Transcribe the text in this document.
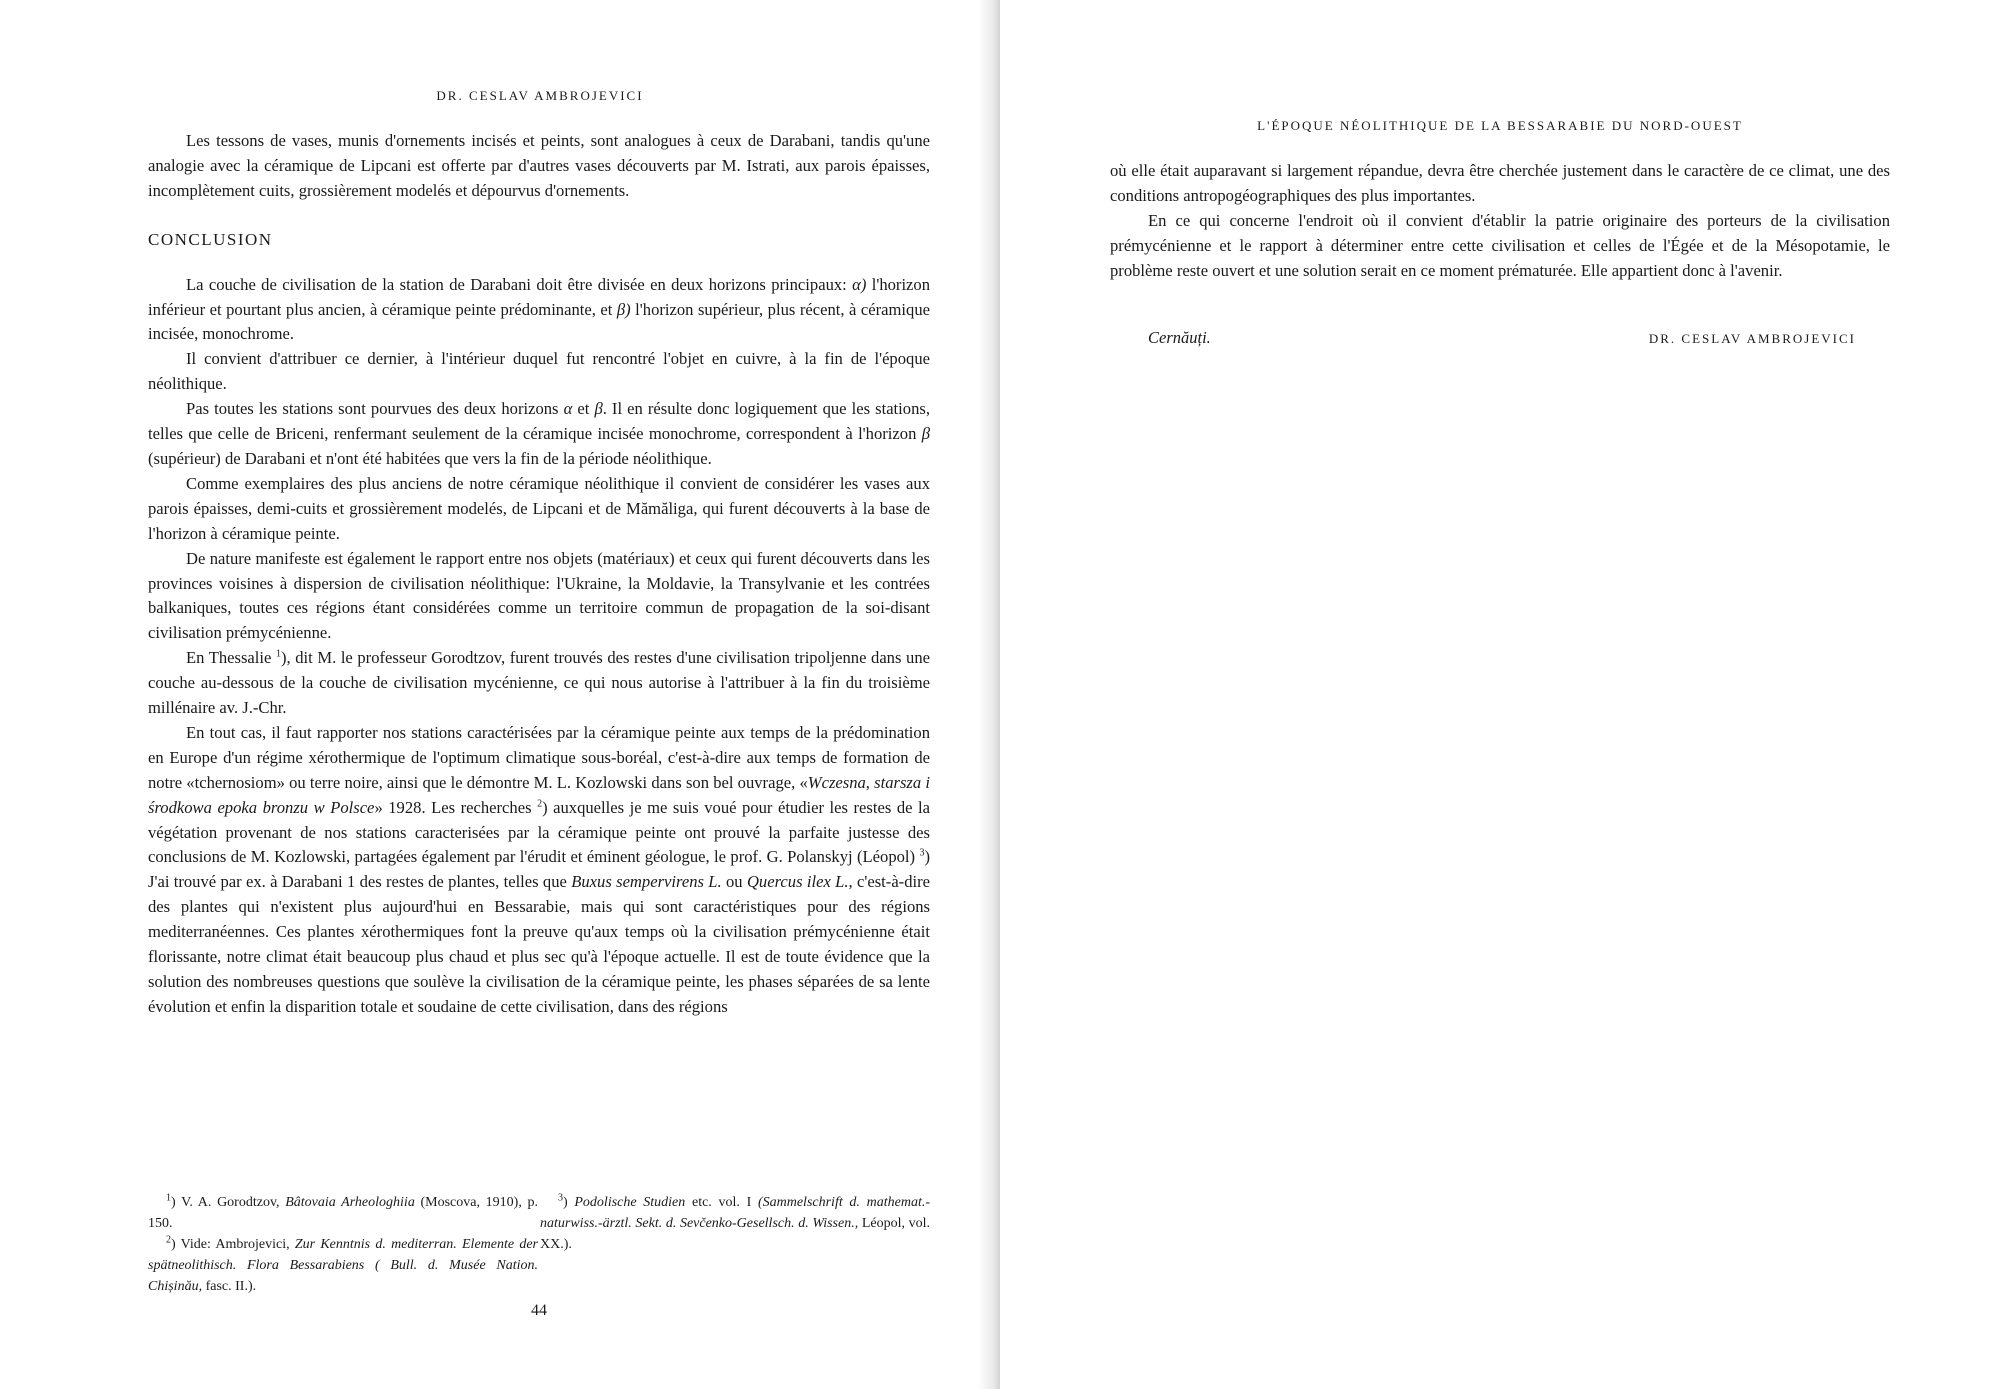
DR. CESLAV AMBROJEVICI

Les tessons de vases, munis d'ornements incisés et peints, sont analogues à ceux de Darabani, tandis qu'une analogie avec la céramique de Lipcani est offerte par d'autres vases découverts par M. Istrati, aux parois épaisses, incomplètement cuits, grossièrement modelés et dépourvus d'ornements.

CONCLUSION

La couche de civilisation de la station de Darabani doit être divisée en deux horizons principaux: α) l'horizon inférieur et pourtant plus ancien, à céramique peinte prédominante, et β) l'horizon supérieur, plus récent, à céramique incisée, monochrome.

Il convient d'attribuer ce dernier, à l'intérieur duquel fut rencontré l'objet en cuivre, à la fin de l'époque néolithique.

Pas toutes les stations sont pourvues des deux horizons α et β. Il en résulte donc logiquement que les stations, telles que celle de Briceni, renfermant seulement de la céramique incisée monochrome, correspondent à l'horizon β (supérieur) de Darabani et n'ont été habitées que vers la fin de la période néolithique.

Comme exemplaires des plus anciens de notre céramique néolithique il convient de considérer les vases aux parois épaisses, demi-cuits et grossièrement modelés, de Lipcani et de Mămăliga, qui furent découverts à la base de l'horizon à céramique peinte.

De nature manifeste est également le rapport entre nos objets (matériaux) et ceux qui furent découverts dans les provinces voisines à dispersion de civilisation néolithique: l'Ukraine, la Moldavie, la Transylvanie et les contrées balkaniques, toutes ces régions étant considérées comme un territoire commun de propagation de la soi-disant civilisation prémycénienne.

En Thessalie $^1$), dit M. le professeur Gorodtzov, furent trouvés des restes d'une civilisation tripoljenne dans une couche au-dessous de la couche de civilisation mycénienne, ce qui nous autorise à l'attribuer à la fin du troisième millénaire av. J.-Chr.

En tout cas, il faut rapporter nos stations caractérisées par la céramique peinte aux temps de la prédomination en Europe d'un régime xérothermique de l'optimum climatique sous-boréal, c'est-à-dire aux temps de formation de notre «tchernosiom» ou terre noire, ainsi que le démontre M. L. Kozlowski dans son bel ouvrage, «Wczesna, starsza i środkowa epoka bronzu w Polsce» 1928. Les recherches $^2$) auxquelles je me suis voué pour étudier les restes de la végétation provenant de nos stations caracterisées par la céramique peinte ont prouvé la parfaite justesse des conclusions de M. Kozlowski, partagées également par l'érudit et éminent géologue, le prof. G. Polanskyj (Léopol) $^3$) J'ai trouvé par ex. à Darabani 1 des restes de plantes, telles que Buxus sempervirens L. ou Quercus ilex L., c'est-à-dire des plantes qui n'existent plus aujourd'hui en Bessarabie, mais qui sont caractéristiques pour des régions mediterranéennes. Ces plantes xérothermiques font la preuve qu'aux temps où la civilisation prémycénienne était florissante, notre climat était beaucoup plus chaud et plus sec qu'à l'époque actuelle. Il est de toute évidence que la solution des nombreuses questions que soulève la civilisation de la céramique peinte, les phases séparées de sa lente évolution et enfin la disparition totale et soudaine de cette civilisation, dans des régions

$^1$) V. A. Gorodtzov, Bâtovaia Arheologhiia (Moscova, 1910), p. 150.

$^2$) Vide: Ambrojevici, Zur Kenntnis d. mediterran. Elemente der spätneolithisch. Flora Bessarabiens ( Bull. d. Musée Nation. Chișinău, fasc. II.).

$^3$) Podolische Studien etc. vol. I (Sammelschrift d. mathemat.-naturwiss.-ärztl. Sekt. d. Sevčenko-Gesellsch. d. Wissen., Léopol, vol. XX.).

44
L'ÉPOQUE NÉOLITHIQUE DE LA BESSARABIE DU NORD-OUEST

où elle était auparavant si largement répandue, devra être cherchée justement dans le caractère de ce climat, une des conditions antropogéographiques des plus importantes.

En ce qui concerne l'endroit où il convient d'établir la patrie originaire des porteurs de la civilisation prémycénienne et le rapport à déterminer entre cette civilisation et celles de l'Égée et de la Mésopotamie, le problème reste ouvert et une solution serait en ce moment prématurée. Elle appartient donc à l'avenir.

Cernăuți.	DR. CESLAV AMBROJEVICI
